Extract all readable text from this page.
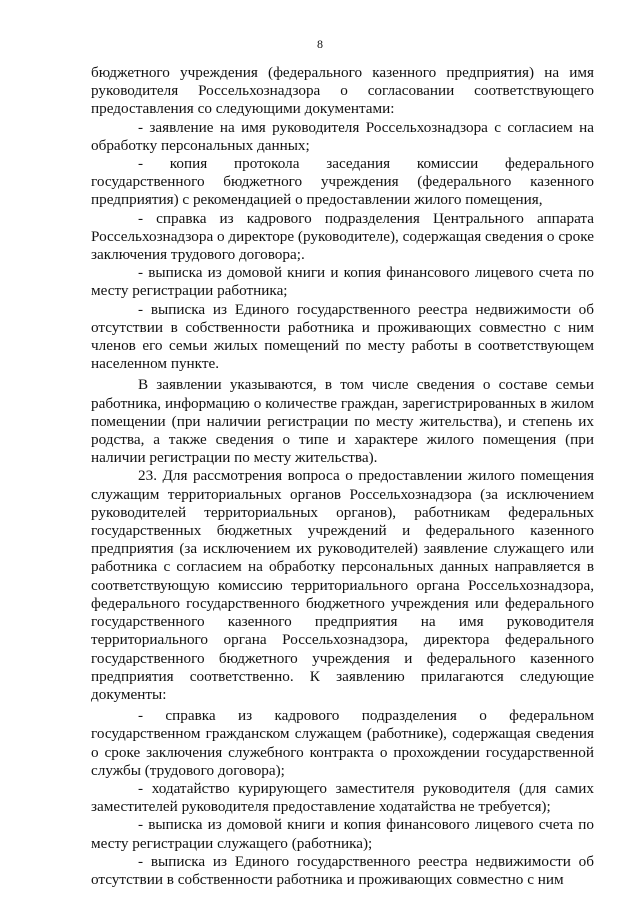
8

бюджетного учреждения (федерального казенного предприятия) на имя руководителя Россельхознадзора о согласовании соответствующего предоставления со следующими документами:

- заявление на имя руководителя Россельхознадзора с согласием на обработку персональных данных;

- копия протокола заседания комиссии федерального государственного бюджетного учреждения (федерального казенного предприятия) с рекомендацией о предоставлении жилого помещения,

- справка из кадрового подразделения Центрального аппарата Россельхознадзора о директоре (руководителе), содержащая сведения о сроке заключения трудового договора;.

- выписка из домовой книги и копия финансового лицевого счета по месту регистрации работника;

- выписка из Единого государственного реестра недвижимости об отсутствии в собственности работника и проживающих совместно с ним членов его семьи жилых помещений по месту работы в соответствующем населенном пункте.

В заявлении указываются, в том числе сведения о составе семьи работника, информацию о количестве граждан, зарегистрированных в жилом помещении (при наличии регистрации по месту жительства), и степень их родства, а также сведения о типе и характере жилого помещения (при наличии регистрации по месту жительства).

23. Для рассмотрения вопроса о предоставлении жилого помещения служащим территориальных органов Россельхознадзора (за исключением руководителей территориальных органов), работникам федеральных государственных бюджетных учреждений и федерального казенного предприятия (за исключением их руководителей) заявление служащего или работника с согласием на обработку персональных данных направляется в соответствующую комиссию территориального органа Россельхознадзора, федерального государственного бюджетного учреждения или федерального государственного казенного предприятия на имя руководителя территориального органа Россельхознадзора, директора федерального государственного бюджетного учреждения и федерального казенного предприятия соответственно. К заявлению прилагаются следующие документы:

- справка из кадрового подразделения о федеральном государственном гражданском служащем (работнике), содержащая сведения о сроке заключения служебного контракта о прохождении государственной службы (трудового договора);

- ходатайство курирующего заместителя руководителя (для самих заместителей руководителя предоставление ходатайства не требуется);

- выписка из домовой книги и копия финансового лицевого счета по месту регистрации служащего (работника);

- выписка из Единого государственного реестра недвижимости об отсутствии в собственности работника и проживающих совместно с ним
